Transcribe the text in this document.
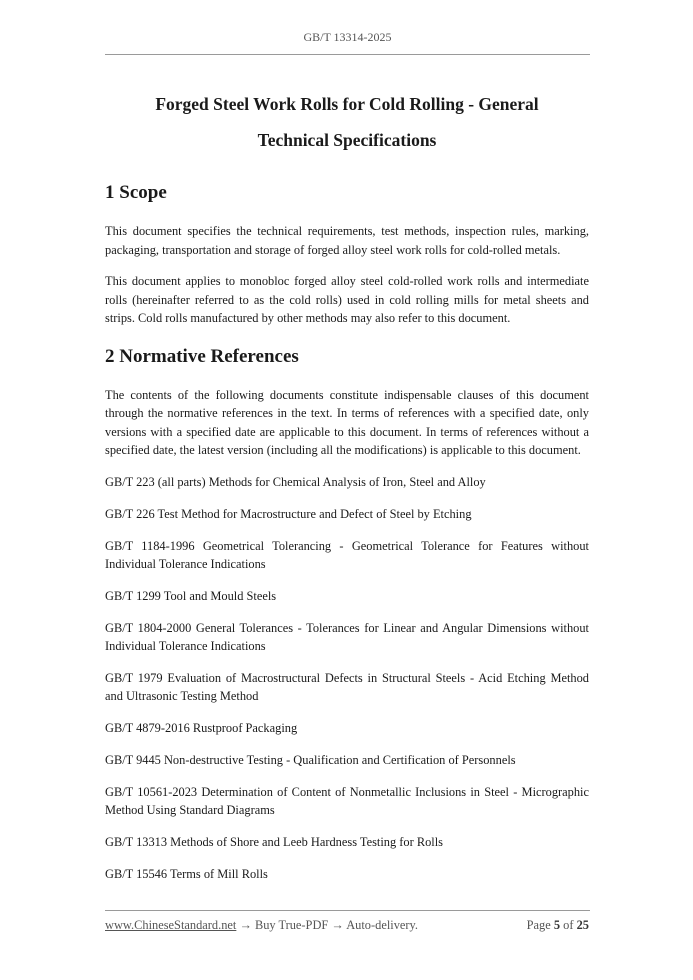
GB/T 13314-2025
Forged Steel Work Rolls for Cold Rolling - General
Technical Specifications
1 Scope

This document specifies the technical requirements, test methods, inspection rules, marking, packaging, transportation and storage of forged alloy steel work rolls for cold-rolled metals.

This document applies to monobloc forged alloy steel cold-rolled work rolls and intermediate rolls (hereinafter referred to as the cold rolls) used in cold rolling mills for metal sheets and strips. Cold rolls manufactured by other methods may also refer to this document.

2 Normative References

The contents of the following documents constitute indispensable clauses of this document through the normative references in the text. In terms of references with a specified date, only versions with a specified date are applicable to this document. In terms of references without a specified date, the latest version (including all the modifications) is applicable to this document.

GB/T 223 (all parts) Methods for Chemical Analysis of Iron, Steel and Alloy

GB/T 226 Test Method for Macrostructure and Defect of Steel by Etching

GB/T 1184-1996 Geometrical Tolerancing - Geometrical Tolerance for Features without Individual Tolerance Indications

GB/T 1299 Tool and Mould Steels

GB/T 1804-2000 General Tolerances - Tolerances for Linear and Angular Dimensions without Individual Tolerance Indications

GB/T 1979 Evaluation of Macrostructural Defects in Structural Steels - Acid Etching Method and Ultrasonic Testing Method

GB/T 4879-2016 Rustproof Packaging

GB/T 9445 Non-destructive Testing - Qualification and Certification of Personnels

GB/T 10561-2023 Determination of Content of Nonmetallic Inclusions in Steel - Micrographic Method Using Standard Diagrams

GB/T 13313 Methods of Shore and Leeb Hardness Testing for Rolls

GB/T 15546 Terms of Mill Rolls

www.ChineseStandard.net → Buy True-PDF → Auto-delivery.	Page 5 of 25
